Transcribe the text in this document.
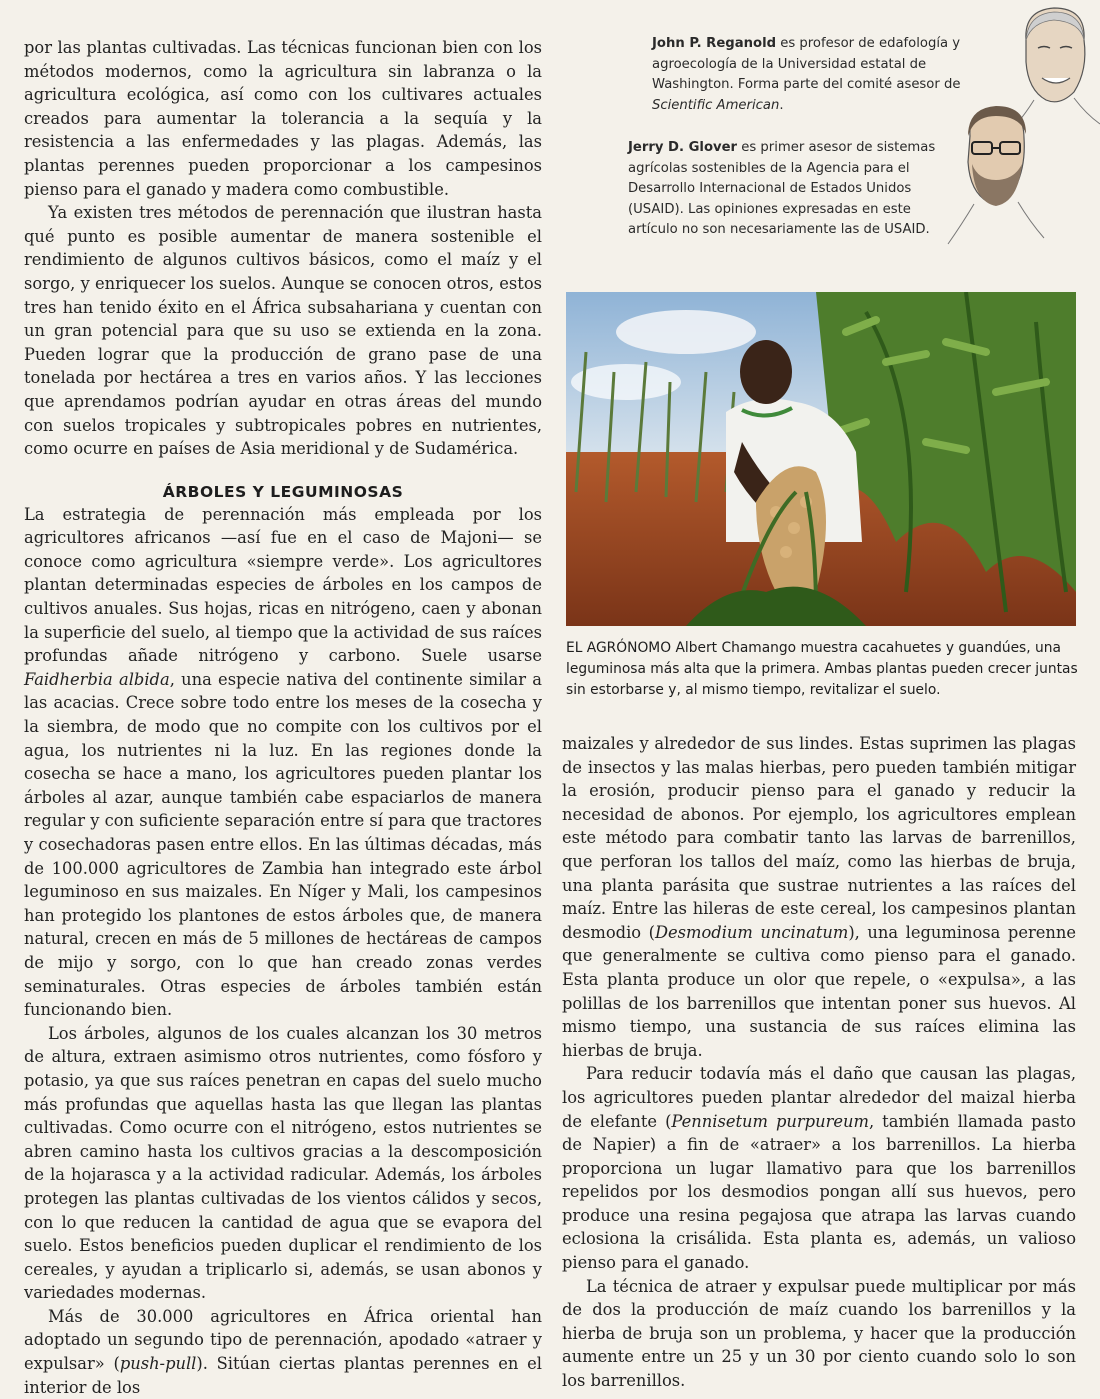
por las plantas cultivadas. Las técnicas funcionan bien con los métodos modernos, como la agricultura sin labranza o la agricultura ecológica, así como con los cultivares actuales creados para aumentar la tolerancia a la sequía y la resistencia a las enfermedades y las plagas. Además, las plantas perennes pueden proporcionar a los campesinos pienso para el ganado y madera como combustible.

Ya existen tres métodos de perennación que ilustran hasta qué punto es posible aumentar de manera sostenible el rendimiento de algunos cultivos básicos, como el maíz y el sorgo, y enriquecer los suelos. Aunque se conocen otros, estos tres han tenido éxito en el África subsahariana y cuentan con un gran potencial para que su uso se extienda en la zona. Pueden lograr que la producción de grano pase de una tonelada por hectárea a tres en varios años. Y las lecciones que aprendamos podrían ayudar en otras áreas del mundo con suelos tropicales y subtropicales pobres en nutrientes, como ocurre en países de Asia meridional y de Sudamérica.

ÁRBOLES Y LEGUMINOSAS

La estrategia de perennación más empleada por los agricultores africanos —así fue en el caso de Majoni— se conoce como agricultura «siempre verde». Los agricultores plantan determinadas especies de árboles en los campos de cultivos anuales. Sus hojas, ricas en nitrógeno, caen y abonan la superficie del suelo, al tiempo que la actividad de sus raíces profundas añade nitrógeno y carbono. Suele usarse Faidherbia albida, una especie nativa del continente similar a las acacias. Crece sobre todo entre los meses de la cosecha y la siembra, de modo que no compite con los cultivos por el agua, los nutrientes ni la luz. En las regiones donde la cosecha se hace a mano, los agricultores pueden plantar los árboles al azar, aunque también cabe espaciarlos de manera regular y con suficiente separación entre sí para que tractores y cosechadoras pasen entre ellos. En las últimas décadas, más de 100.000 agricultores de Zambia han integrado este árbol leguminoso en sus maizales. En Níger y Mali, los campesinos han protegido los plantones de estos árboles que, de manera natural, crecen en más de 5 millones de hectáreas de campos de mijo y sorgo, con lo que han creado zonas verdes seminaturales. Otras especies de árboles también están funcionando bien.

Los árboles, algunos de los cuales alcanzan los 30 metros de altura, extraen asimismo otros nutrientes, como fósforo y potasio, ya que sus raíces penetran en capas del suelo mucho más profundas que aquellas hasta las que llegan las plantas cultivadas. Como ocurre con el nitrógeno, estos nutrientes se abren camino hasta los cultivos gracias a la descomposición de la hojarasca y a la actividad radicular. Además, los árboles protegen las plantas cultivadas de los vientos cálidos y secos, con lo que reducen la cantidad de agua que se evapora del suelo. Estos beneficios pueden duplicar el rendimiento de los cereales, y ayudan a triplicarlo si, además, se usan abonos y variedades modernas.

Más de 30.000 agricultores en África oriental han adoptado un segundo tipo de perennación, apodado «atraer y expulsar» (push-pull). Sitúan ciertas plantas perennes en el interior de los

John P. Reganold es profesor de edafología y agroecología de la Universidad estatal de Washington. Forma parte del comité asesor de Scientific American.
Jerry D. Glover es primer asesor de sistemas agrícolas sostenibles de la Agencia para el Desarrollo Internacional de Estados Unidos (USAID). Las opiniones expresadas en este artículo no son necesariamente las de USAID.
EL AGRÓNOMO Albert Chamango muestra cacahuetes y guandúes, una leguminosa más alta que la primera. Ambas plantas pueden crecer juntas sin estorbarse y, al mismo tiempo, revitalizar el suelo.

maizales y alrededor de sus lindes. Estas suprimen las plagas de insectos y las malas hierbas, pero pueden también mitigar la erosión, producir pienso para el ganado y reducir la necesidad de abonos. Por ejemplo, los agricultores emplean este método para combatir tanto las larvas de barrenillos, que perforan los tallos del maíz, como las hierbas de bruja, una planta parásita que sustrae nutrientes a las raíces del maíz. Entre las hileras de este cereal, los campesinos plantan desmodio (Desmodium uncinatum), una leguminosa perenne que generalmente se cultiva como pienso para el ganado. Esta planta produce un olor que repele, o «expulsa», a las polillas de los barrenillos que intentan poner sus huevos. Al mismo tiempo, una sustancia de sus raíces elimina las hierbas de bruja.

Para reducir todavía más el daño que causan las plagas, los agricultores pueden plantar alrededor del maizal hierba de elefante (Pennisetum purpureum, también llamada pasto de Napier) a fin de «atraer» a los barrenillos. La hierba proporciona un lugar llamativo para que los barrenillos repelidos por los desmodios pongan allí sus huevos, pero produce una resina pegajosa que atrapa las larvas cuando eclosiona la crisálida. Esta planta es, además, un valioso pienso para el ganado.

La técnica de atraer y expulsar puede multiplicar por más de dos la producción de maíz cuando los barrenillos y la hierba de bruja son un problema, y hacer que la producción aumente entre un 25 y un 30 por ciento cuando solo lo son los barrenillos.
